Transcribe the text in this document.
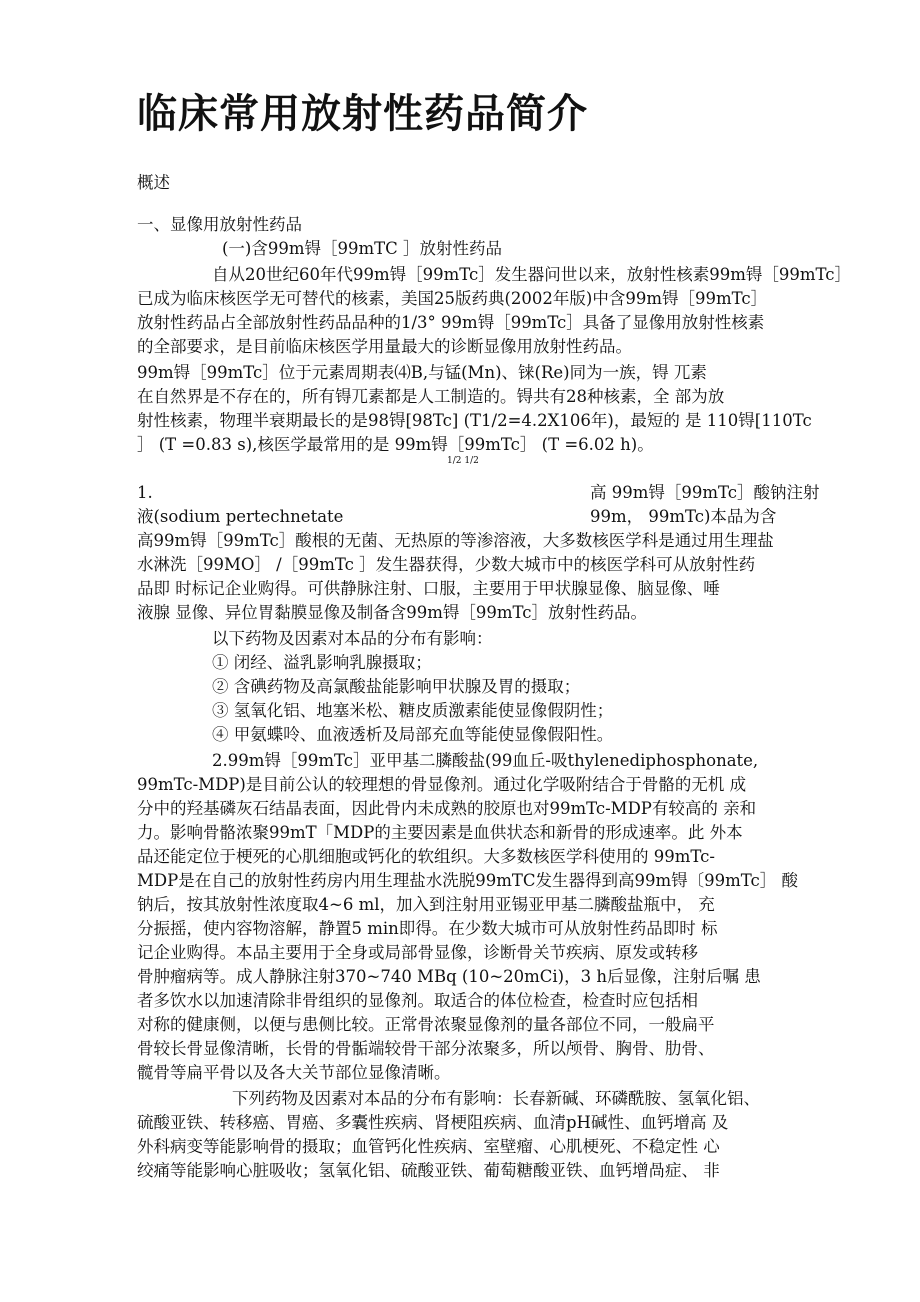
临床常用放射性药品简介
概述
一、显像用放射性药品
(一)含99m锝［99mTC ］放射性药品
自从20世纪60年代99m锝［99mTc］发生器问世以来，放射性核素99m锝［99mTc］
已成为临床核医学无可替代的核素，美国25版药典(2002年版)中含99m锝［99mTc］
放射性药品占全部放射性药品品种的1/3° 99m锝［99mTc］具备了显像用放射性核素
的全部要求，是目前临床核医学用量最大的诊断显像用放射性药品。
99m锝［99mTc］位于元素周期表⑷B,与锰(Mn)、铼(Re)同为一族，锝 兀素
在自然界是不存在的，所有锝兀素都是人工制造的。锝共有28种核素，全 部为放
射性核素，物理半衰期最长的是98锝[98Tc] (T1/2=4.2X106年)，最短的 是 110锝[110Tc
］ (T =0.83 s),核医学最常用的是 99m锝［99mTc］ (T =6.02 h)。
1/2 1/2
1.	高 99m锝［99mTc］酸钠注射
液(sodium pertechnetate	99m， 99mTc)本品为含
高99m锝［99mTc］酸根的无菌、无热原的等渗溶液，大多数核医学科是通过用生理盐
水淋洗［99MO］ /［99mTc ］发生器获得，少数大城市中的核医学科可从放射性药
品即 时标记企业购得。可供静脉注射、口服，主要用于甲状腺显像、脑显像、唾
液腺 显像、异位胃黏膜显像及制备含99m锝［99mTc］放射性药品。
以下药物及因素对本品的分布有影响：
① 闭经、溢乳影响乳腺摄取；
② 含碘药物及高氯酸盐能影响甲状腺及胃的摄取；
③ 氢氧化铝、地塞米松、糖皮质激素能使显像假阴性；
④ 甲氨蝶呤、血液透析及局部充血等能使显像假阳性。
2.99m锝［99mTc］亚甲基二膦酸盐(99血丘-吸thylenediphosphonate,
99mTc-MDP)是目前公认的较理想的骨显像剂。通过化学吸附结合于骨骼的无机 成
分中的羟基磷灰石结晶表面，因此骨内未成熟的胶原也对99mTc-MDP有较高的 亲和
力。影响骨骼浓聚99mT「MDP的主要因素是血供状态和新骨的形成速率。此 外本
品还能定位于梗死的心肌细胞或钙化的软组织。大多数核医学科使用的 99mTc-
MDP是在自己的放射性药房内用生理盐水洗脱99mTC发生器得到高99m锝〔99mTc］ 酸
钠后，按其放射性浓度取4~6 ml，加入到注射用亚锡亚甲基二膦酸盐瓶中， 充
分振摇，使内容物溶解，静置5 min即得。在少数大城市可从放射性药品即时 标
记企业购得。本品主要用于全身或局部骨显像，诊断骨关节疾病、原发或转移
骨肿瘤病等。成人静脉注射370~740 MBq (10~20mCi)，3 h后显像，注射后嘱 患
者多饮水以加速清除非骨组织的显像剂。取适合的体位检查，检查时应包括相
对称的健康侧，以便与患侧比较。正常骨浓聚显像剂的量各部位不同，一般扁平
骨较长骨显像清晰，长骨的骨骺端较骨干部分浓聚多，所以颅骨、胸骨、肋骨、
髋骨等扁平骨以及各大关节部位显像清晰。
下列药物及因素对本品的分布有影响：长春新碱、环磷酰胺、氢氧化铝、
硫酸亚铁、转移癌、胃癌、多囊性疾病、肾梗阻疾病、血清pH碱性、血钙增高 及
外科病变等能影响骨的摄取；血管钙化性疾病、室壁瘤、心肌梗死、不稳定性 心
绞痛等能影响心脏吸收；氢氧化铝、硫酸亚铁、葡萄糖酸亚铁、血钙增咼症、 非
